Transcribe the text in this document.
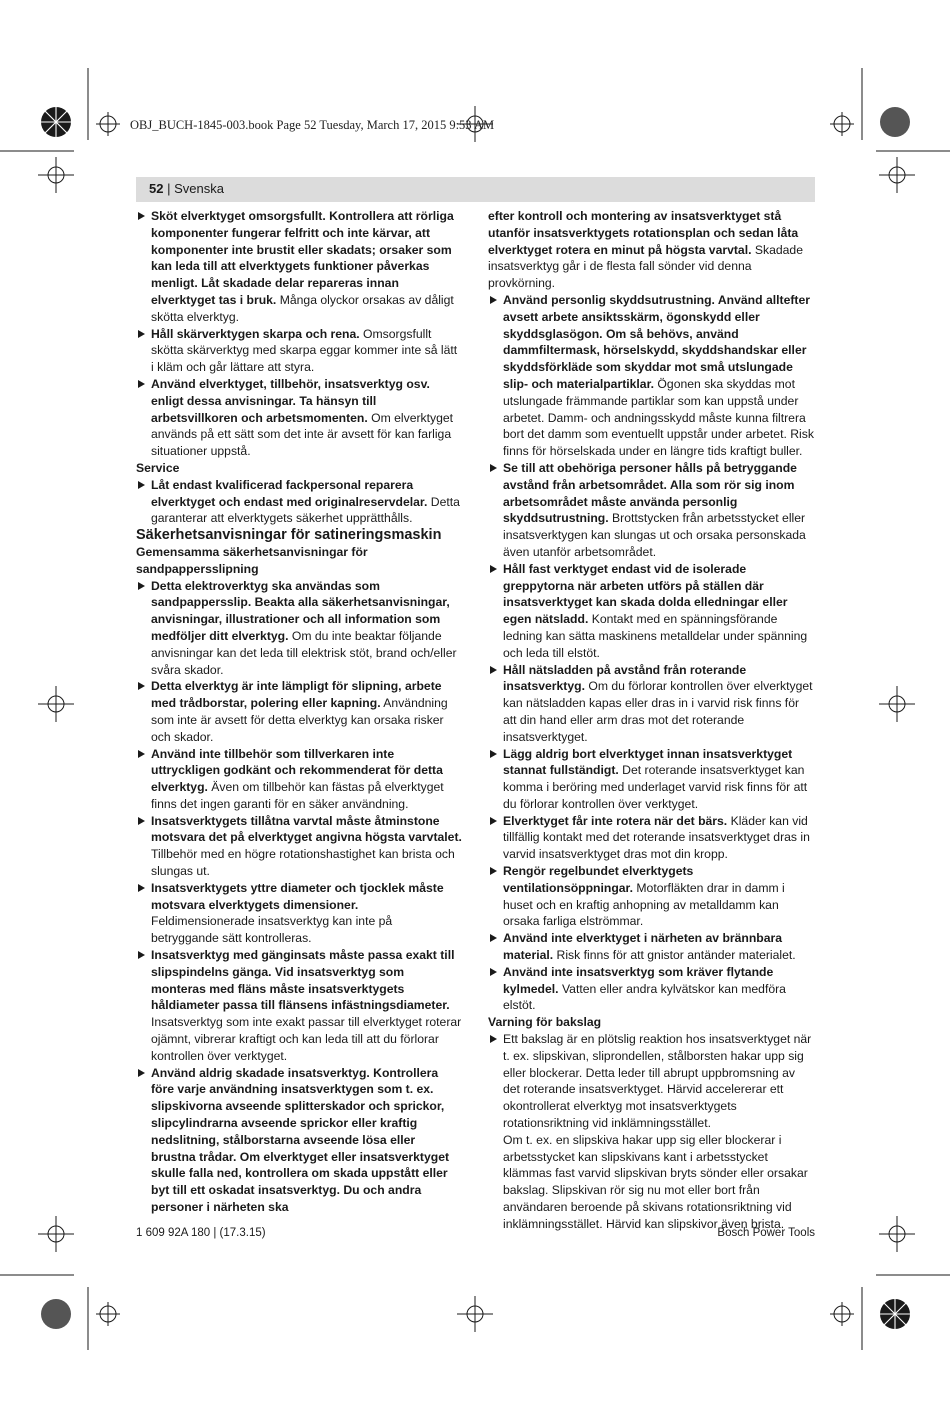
OBJ_BUCH-1845-003.book Page 52 Tuesday, March 17, 2015 9:53 AM
52 | Svenska

Sköt elverktyget omsorgsfullt. Kontrollera att rörliga komponenter fungerar felfritt och inte kärvar, att komponenter inte brustit eller skadats; orsaker som kan leda till att elverktygets funktioner påverkas menligt. Låt skadade delar repareras innan elverktyget tas i bruk. Många olyckor orsakas av dåligt skötta elverktyg.

Håll skärverktygen skarpa och rena. Omsorgsfullt skötta skärverktyg med skarpa eggar kommer inte så lätt i kläm och går lättare att styra.

Använd elverktyget, tillbehör, insatsverktyg osv. enligt dessa anvisningar. Ta hänsyn till arbetsvillkoren och arbetsmomenten. Om elverktyget används på ett sätt som det inte är avsett för kan farliga situationer uppstå.

Service

Låt endast kvalificerad fackpersonal reparera elverktyget och endast med originalreservdelar. Detta garanterar att elverktygets säkerhet upprätthålls.

Säkerhetsanvisningar för satineringsmaskin

Gemensamma säkerhetsanvisningar för sandpappersslipning

Detta elektroverktyg ska användas som sandpappersslip. Beakta alla säkerhetsanvisningar, anvisningar, illustrationer och all information som medföljer ditt elverktyg. Om du inte beaktar följande anvisningar kan det leda till elektrisk stöt, brand och/eller svåra skador.

Detta elverktyg är inte lämpligt för slipning, arbete med trådborstar, polering eller kapning. Användning som inte är avsett för detta elverktyg kan orsaka risker och skador.

Använd inte tillbehör som tillverkaren inte uttryckligen godkänt och rekommenderat för detta elverktyg. Även om tillbehör kan fästas på elverktyget finns det ingen garanti för en säker användning.

Insatsverktygets tillåtna varvtal måste åtminstone motsvara det på elverktyget angivna högsta varvtalet. Tillbehör med en högre rotationshastighet kan brista och slungas ut.

Insatsverktygets yttre diameter och tjocklek måste motsvara elverktygets dimensioner. Feldimensionerade insatsverktyg kan inte på betryggande sätt kontrolleras.

Insatsverktyg med gänginsats måste passa exakt till slipspindelns gänga. Vid insatsverktyg som monteras med fläns måste insatsverktygets håldiameter passa till flänsens infästningsdiameter. Insatsverktyg som inte exakt passar till elverktyget roterar ojämnt, vibrerar kraftigt och kan leda till att du förlorar kontrollen över verktyget.

Använd aldrig skadade insatsverktyg. Kontrollera före varje användning insatsverktygen som t. ex. slipskivorna avseende splitterskador och sprickor, slipcylindrarna avseende sprickor eller kraftig nedslitning, stålborstarna avseende lösa eller brustna trådar. Om elverktyget eller insatsverktyget skulle falla ned, kontrollera om skada uppstått eller byt till ett oskadat insatsverktyg. Du och andra personer i närheten ska

efter kontroll och montering av insatsverktyget stå utanför insatsverktygets rotationsplan och sedan låta elverktyget rotera en minut på högsta varvtal. Skadade insatsverktyg går i de flesta fall sönder vid denna provkörning.

Använd personlig skyddsutrustning. Använd alltefter avsett arbete ansiktsskärm, ögonskydd eller skyddsglasögon. Om så behövs, använd dammfiltermask, hörselskydd, skyddshandskar eller skyddsförkläde som skyddar mot små utslungade slip- och materialpartiklar. Ögonen ska skyddas mot utslungade främmande partiklar som kan uppstå under arbetet. Damm- och andningsskydd måste kunna filtrera bort det damm som eventuellt uppstår under arbetet. Risk finns för hörselskada under en längre tids kraftigt buller.

Se till att obehöriga personer hålls på betryggande avstånd från arbetsområdet. Alla som rör sig inom arbetsområdet måste använda personlig skyddsutrustning. Brottstycken från arbetsstycket eller insatsverktygen kan slungas ut och orsaka personskada även utanför arbetsområdet.

Håll fast verktyget endast vid de isolerade greppytorna när arbeten utförs på ställen där insatsverktyget kan skada dolda elledningar eller egen nätsladd. Kontakt med en spänningsförande ledning kan sätta maskinens metalldelar under spänning och leda till elstöt.

Håll nätsladden på avstånd från roterande insatsverktyg. Om du förlorar kontrollen över elverktyget kan nätsladden kapas eller dras in i varvid risk finns för att din hand eller arm dras mot det roterande insatsverktyget.

Lägg aldrig bort elverktyget innan insatsverktyget stannat fullständigt. Det roterande insatsverktyget kan komma i beröring med underlaget varvid risk finns för att du förlorar kontrollen över verktyget.

Elverktyget får inte rotera när det bärs. Kläder kan vid tillfällig kontakt med det roterande insatsverktyget dras in varvid insatsverktyget dras mot din kropp.

Rengör regelbundet elverktygets ventilationsöppningar. Motorfläkten drar in damm i huset och en kraftig anhopning av metalldamm kan orsaka farliga elströmmar.

Använd inte elverktyget i närheten av brännbara material. Risk finns för att gnistor antänder materialet.

Använd inte insatsverktyg som kräver flytande kylmedel. Vatten eller andra kylvätskor kan medföra elstöt.

Varning för bakslag

Ett bakslag är en plötslig reaktion hos insatsverktyget när t. ex. slipskivan, sliprondellen, stålborsten hakar upp sig eller blockerar. Detta leder till abrupt uppbromsning av det roterande insatsverktyget. Härvid accelererar ett okontrollerat elverktyg mot insatsverktygets rotationsriktning vid inklämningsstället.

Om t. ex. en slipskiva hakar upp sig eller blockerar i arbetsstycket kan slipskivans kant i arbetsstycket klämmas fast varvid slipskivan bryts sönder eller orsakar bakslag. Slipskivan rör sig nu mot eller bort från användaren beroende på skivans rotationsriktning vid inklämningsstället. Härvid kan slipskivor även brista.

1 609 92A 180 | (17.3.15)	Bosch Power Tools
